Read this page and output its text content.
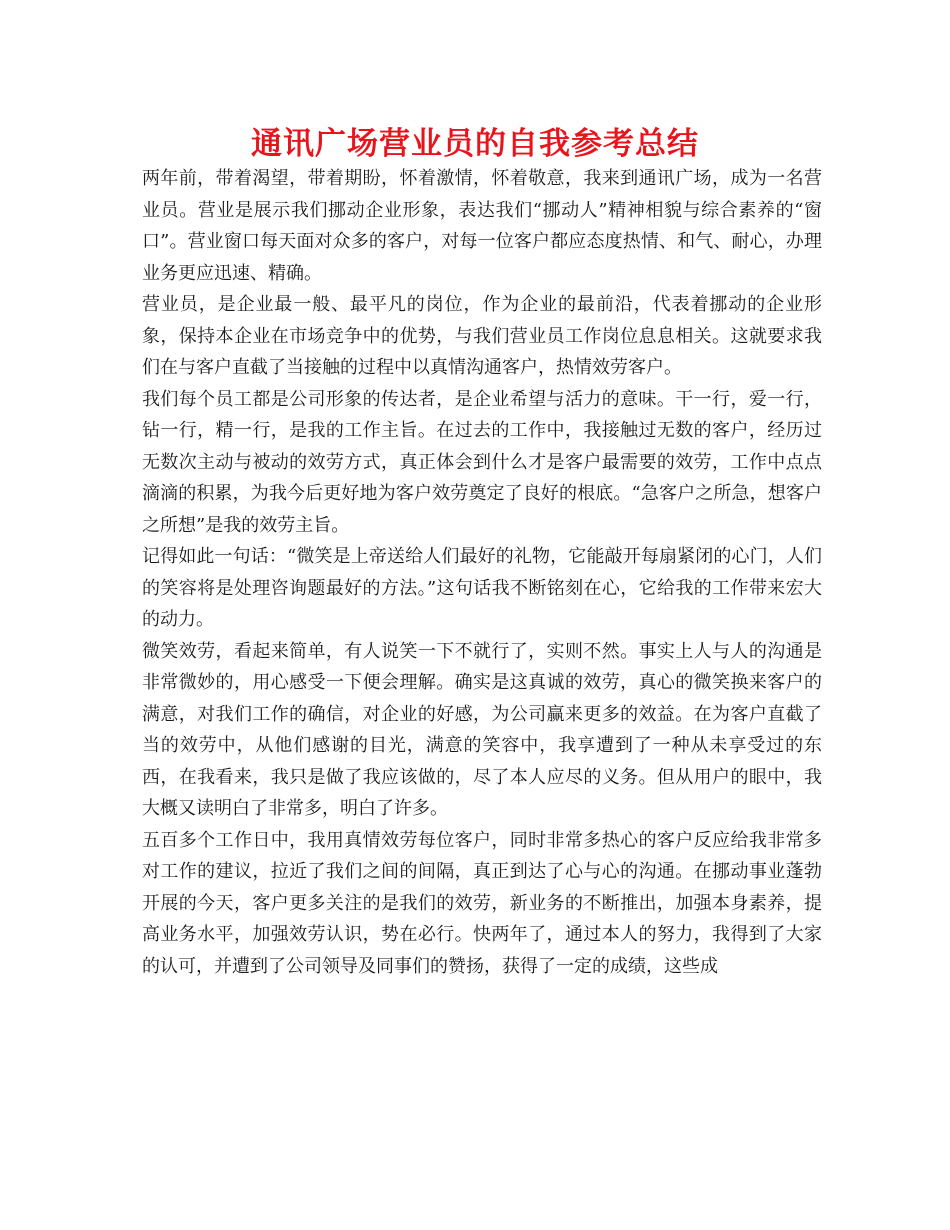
通讯广场营业员的自我参考总结

两年前，带着渴望，带着期盼，怀着激情，怀着敬意，我来到通讯广场，成为一名营业员。营业是展示我们挪动企业形象，表达我们“挪动人”精神相貌与综合素养的“窗口”。营业窗口每天面对众多的客户，对每一位客户都应态度热情、和气、耐心，办理业务更应迅速、精确。

营业员，是企业最一般、最平凡的岗位，作为企业的最前沿，代表着挪动的企业形象，保持本企业在市场竞争中的优势，与我们营业员工作岗位息息相关。这就要求我们在与客户直截了当接触的过程中以真情沟通客户，热情效劳客户。

我们每个员工都是公司形象的传达者，是企业希望与活力的意味。干一行，爱一行，钻一行，精一行，是我的工作主旨。在过去的工作中，我接触过无数的客户，经历过无数次主动与被动的效劳方式，真正体会到什么才是客户最需要的效劳，工作中点点滴滴的积累，为我今后更好地为客户效劳奠定了良好的根底。“急客户之所急，想客户之所想”是我的效劳主旨。

记得如此一句话：“微笑是上帝送给人们最好的礼物，它能敲开每扇紧闭的心门，人们的笑容将是处理咨询题最好的方法。”这句话我不断铭刻在心，它给我的工作带来宏大的动力。

微笑效劳，看起来简单，有人说笑一下不就行了，实则不然。事实上人与人的沟通是非常微妙的，用心感受一下便会理解。确实是这真诚的效劳，真心的微笑换来客户的满意，对我们工作的确信，对企业的好感，为公司赢来更多的效益。在为客户直截了当的效劳中，从他们感谢的目光，满意的笑容中，我享遭到了一种从未享受过的东西，在我看来，我只是做了我应该做的，尽了本人应尽的义务。但从用户的眼中，我大概又读明白了非常多，明白了许多。

五百多个工作日中，我用真情效劳每位客户，同时非常多热心的客户反应给我非常多对工作的建议，拉近了我们之间的间隔，真正到达了心与心的沟通。在挪动事业蓬勃开展的今天，客户更多关注的是我们的效劳，新业务的不断推出，加强本身素养，提高业务水平，加强效劳认识，势在必行。快两年了，通过本人的努力，我得到了大家的认可，并遭到了公司领导及同事们的赞扬，获得了一定的成绩，这些成
